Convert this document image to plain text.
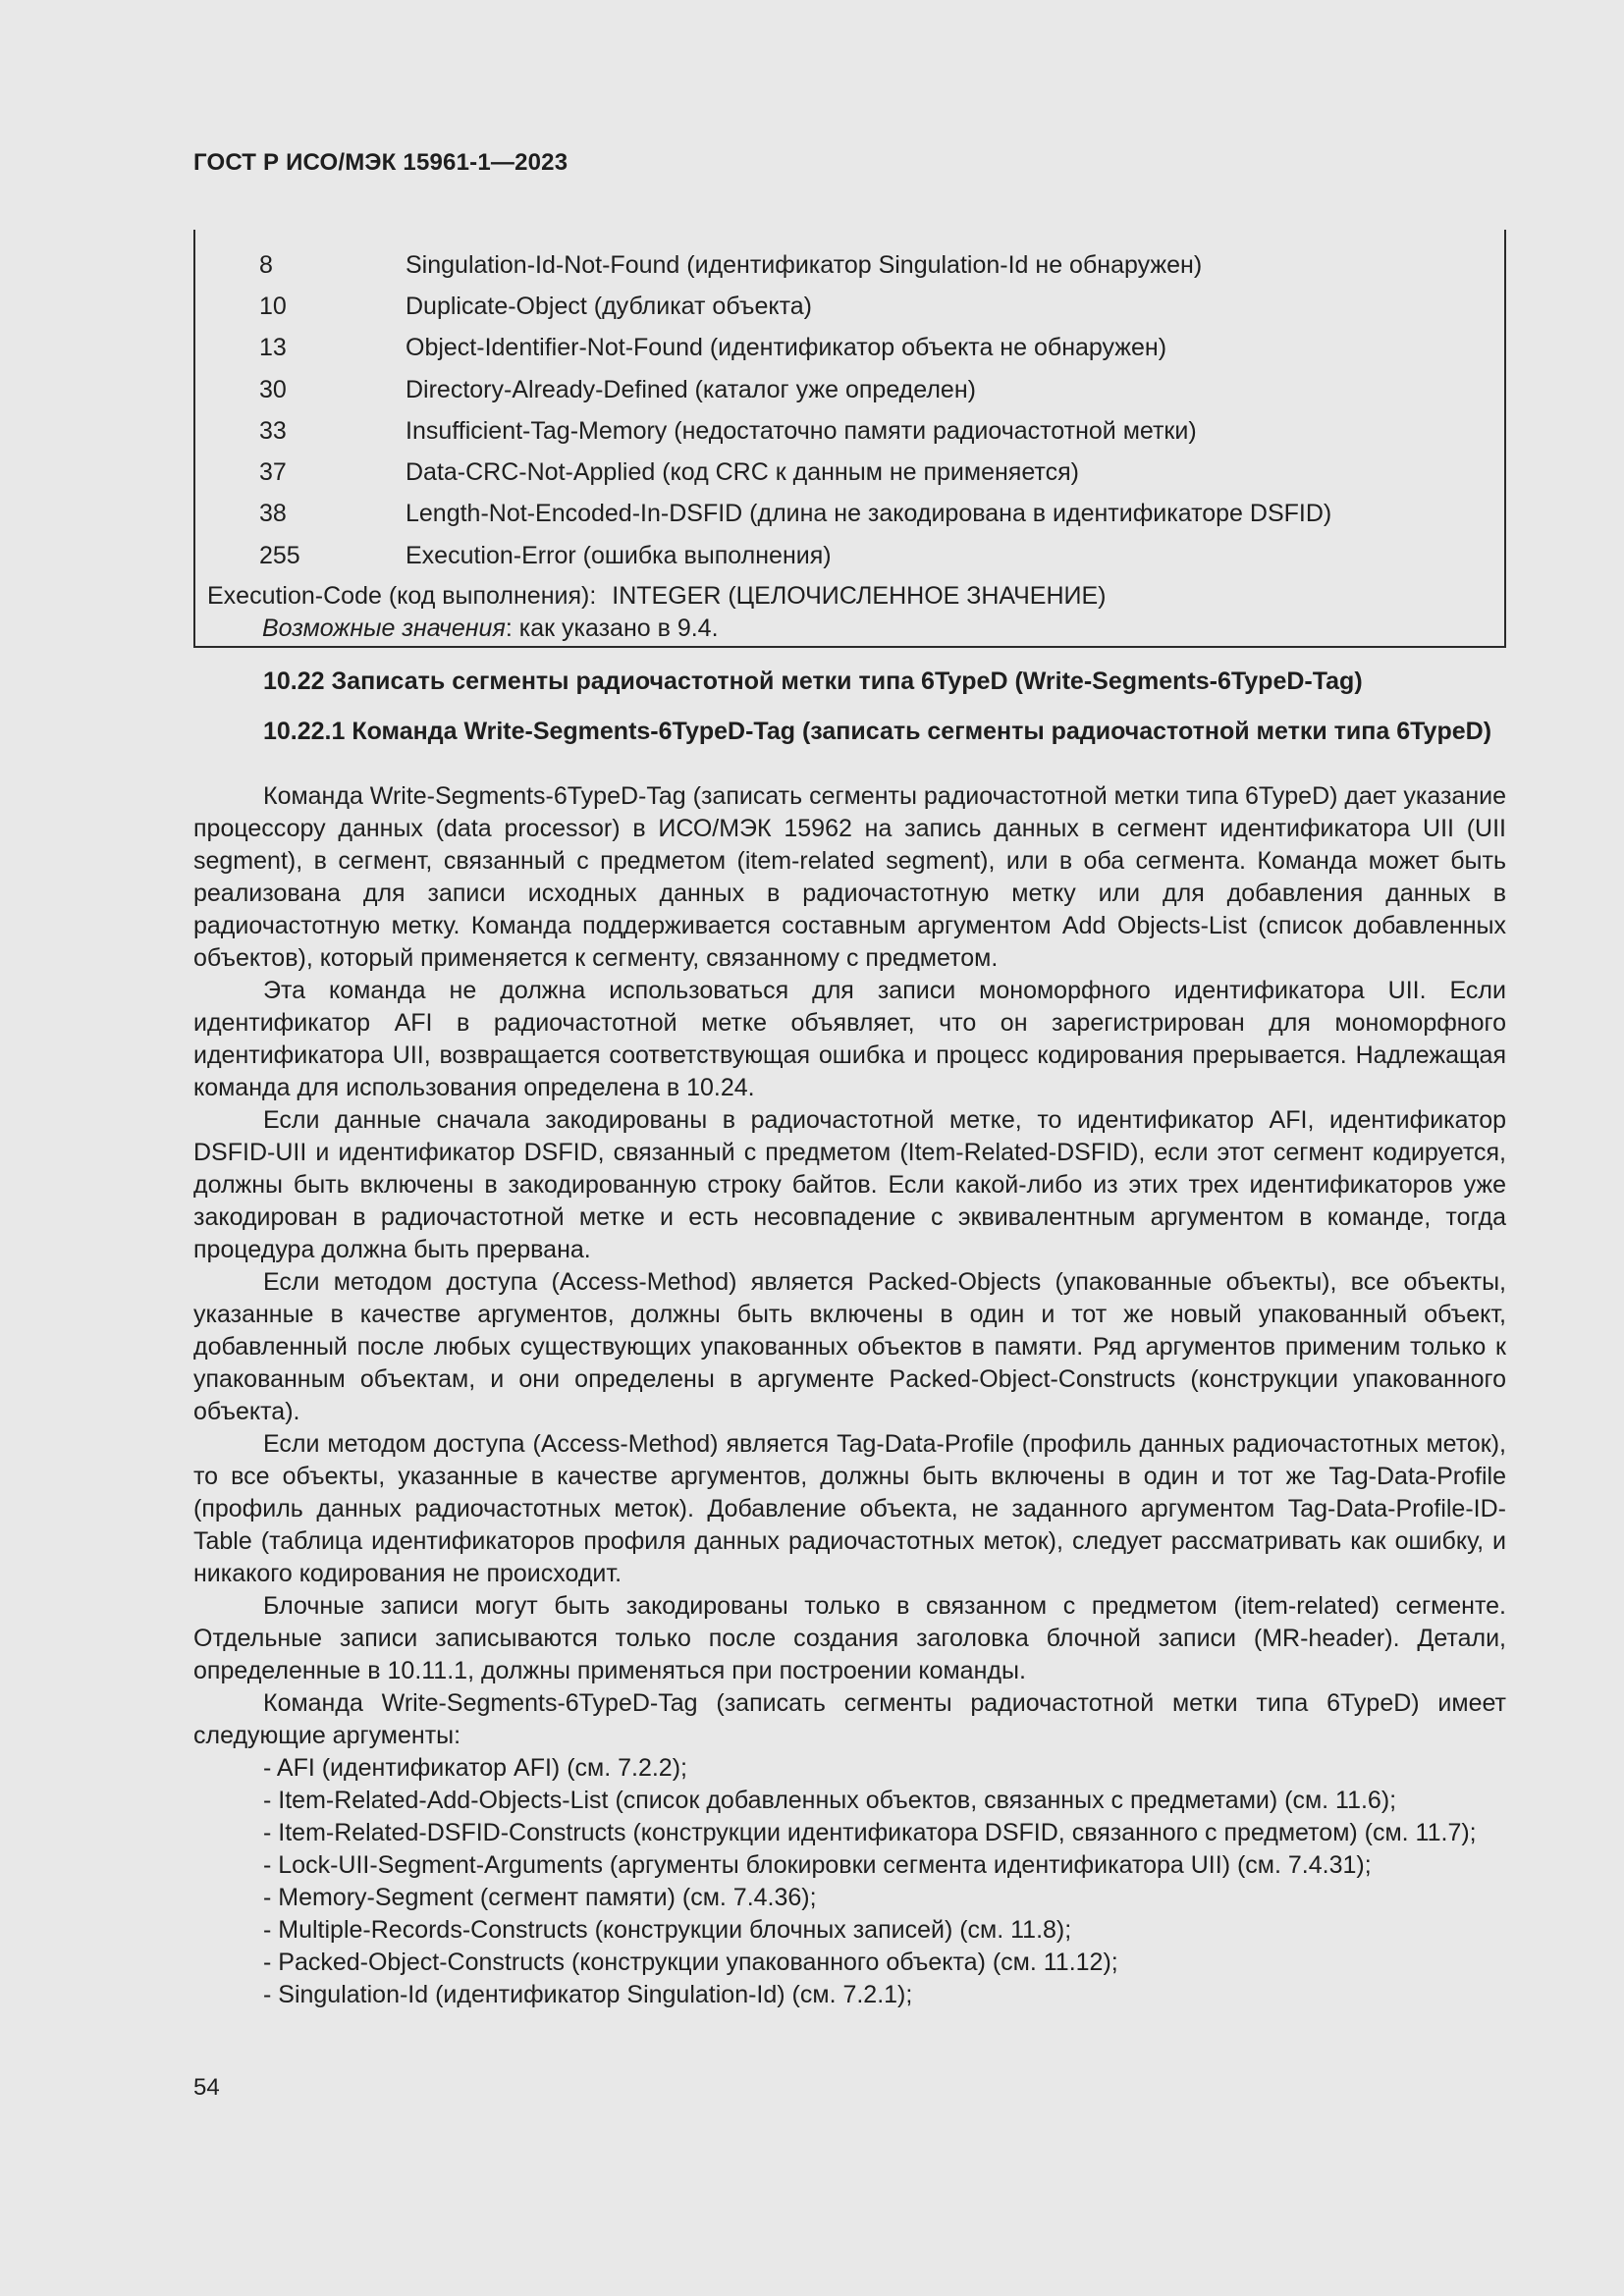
ГОСТ Р ИСО/МЭК 15961-1—2023
8	Singulation-Id-Not-Found (идентификатор Singulation-Id не обнаружен)
10	Duplicate-Object (дубликат объекта)
13	Object-Identifier-Not-Found (идентификатор объекта не обнаружен)
30	Directory-Already-Defined (каталог уже определен)
33	Insufficient-Tag-Memory (недостаточно памяти радиочастотной метки)
37	Data-CRC-Not-Applied (код CRC к данным не применяется)
38	Length-Not-Encoded-In-DSFID (длина не закодирована в идентификаторе DSFID)
255	Execution-Error (ошибка выполнения)
Execution-Code (код выполнения): INTEGER (ЦЕЛОЧИСЛЕННОЕ ЗНАЧЕНИЕ)
Возможные значения: как указано в 9.4.
10.22 Записать сегменты радиочастотной метки типа 6TypeD (Write-Segments-6TypeD-Tag)
10.22.1 Команда Write-Segments-6TypeD-Tag (записать сегменты радиочастотной метки типа 6TypeD)

Команда Write-Segments-6TypeD-Tag (записать сегменты радиочастотной метки типа 6TypeD) дает указание процессору данных (data processor) в ИСО/МЭК 15962 на запись данных в сегмент идентификатора UII (UII segment), в сегмент, связанный с предметом (item-related segment), или в оба сегмента. Команда может быть реализована для записи исходных данных в радиочастотную метку или для добавления данных в радиочастотную метку. Команда поддерживается составным аргументом Add Objects-List (список добавленных объектов), который применяется к сегменту, связанному с предметом.

Эта команда не должна использоваться для записи мономорфного идентификатора UII. Если идентификатор AFI в радиочастотной метке объявляет, что он зарегистрирован для мономорфного идентификатора UII, возвращается соответствующая ошибка и процесс кодирования прерывается. Надлежащая команда для использования определена в 10.24.

Если данные сначала закодированы в радиочастотной метке, то идентификатор AFI, идентификатор DSFID-UII и идентификатор DSFID, связанный с предметом (Item-Related-DSFID), если этот сегмент кодируется, должны быть включены в закодированную строку байтов. Если какой-либо из этих трех идентификаторов уже закодирован в радиочастотной метке и есть несовпадение с эквивалентным аргументом в команде, тогда процедура должна быть прервана.

Если методом доступа (Access-Method) является Packed-Objects (упакованные объекты), все объекты, указанные в качестве аргументов, должны быть включены в один и тот же новый упакованный объект, добавленный после любых существующих упакованных объектов в памяти. Ряд аргументов применим только к упакованным объектам, и они определены в аргументе Packed-Object-Constructs (конструкции упакованного объекта).

Если методом доступа (Access-Method) является Tag-Data-Profile (профиль данных радиочастотных меток), то все объекты, указанные в качестве аргументов, должны быть включены в один и тот же Tag-Data-Profile (профиль данных радиочастотных меток). Добавление объекта, не заданного аргументом Tag-Data-Profile-ID-Table (таблица идентификаторов профиля данных радиочастотных меток), следует рассматривать как ошибку, и никакого кодирования не происходит.

Блочные записи могут быть закодированы только в связанном с предметом (item-related) сегменте. Отдельные записи записываются только после создания заголовка блочной записи (MR-header). Детали, определенные в 10.11.1, должны применяться при построении команды.

Команда Write-Segments-6TypeD-Tag (записать сегменты радиочастотной метки типа 6TypeD) имеет следующие аргументы:

- AFI (идентификатор AFI) (см. 7.2.2);

- Item-Related-Add-Objects-List (список добавленных объектов, связанных с предметами) (см. 11.6);

- Item-Related-DSFID-Constructs (конструкции идентификатора DSFID, связанного с предметом) (см. 11.7);

- Lock-UII-Segment-Arguments (аргументы блокировки сегмента идентификатора UII) (см. 7.4.31);

- Memory-Segment (сегмент памяти) (см. 7.4.36);

- Multiple-Records-Constructs (конструкции блочных записей) (см. 11.8);

- Packed-Object-Constructs (конструкции упакованного объекта) (см. 11.12);

- Singulation-Id (идентификатор Singulation-Id) (см. 7.2.1);

54
